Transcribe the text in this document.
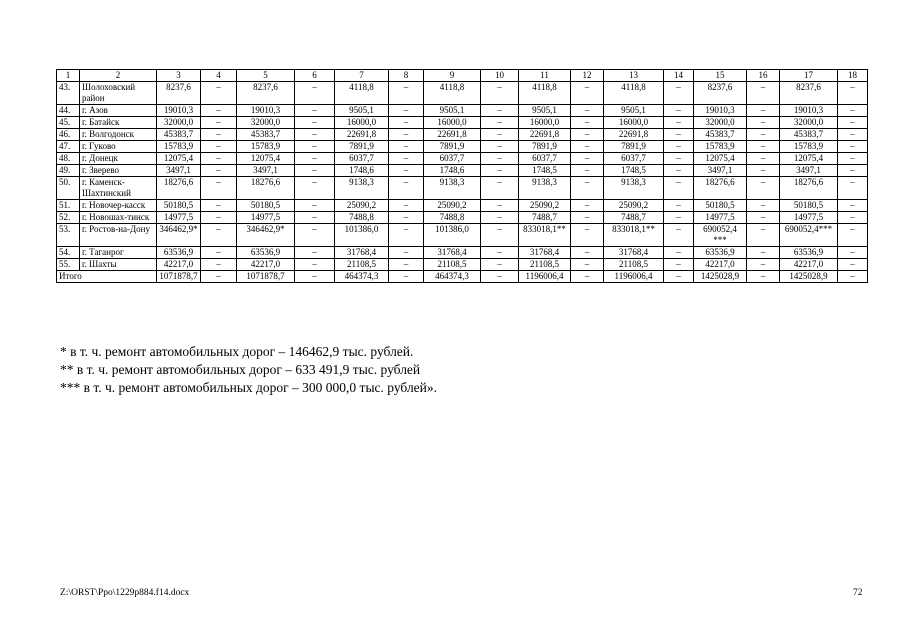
1	2	3	4	5	6	7	8	9	10	11	12	13	14	15	16	17	18
43.	Шолоховский район	8237,6	–	8237,6	–	4118,8	–	4118,8	–	4118,8	–	4118,8	–	8237,6	–	8237,6	–
44.	г. Азов	19010,3	–	19010,3	–	9505,1	–	9505,1	–	9505,1	–	9505,1	–	19010,3	–	19010,3	–
45.	г. Батайск	32000,0	–	32000,0	–	16000,0	–	16000,0	–	16000,0	–	16000,0	–	32000,0	–	32000,0	–
46.	г. Волгодонск	45383,7	–	45383,7	–	22691,8	–	22691,8	–	22691,8	–	22691,8	–	45383,7	–	45383,7	–
47.	г. Гуково	15783,9	–	15783,9	–	7891,9	–	7891,9	–	7891,9	–	7891,9	–	15783,9	–	15783,9	–
48.	г. Донецк	12075,4	–	12075,4	–	6037,7	–	6037,7	–	6037,7	–	6037,7	–	12075,4	–	12075,4	–
49.	г. Зверево	3497,1	–	3497,1	–	1748,6	–	1748,6	–	1748,5	–	1748,5	–	3497,1	–	3497,1	–
50.	г. Каменск-Шахтинский	18276,6	–	18276,6	–	9138,3	–	9138,3	–	9138,3	–	9138,3	–	18276,6	–	18276,6	–
51.	г. Новочер-касск	50180,5	–	50180,5	–	25090,2	–	25090,2	–	25090,2	–	25090,2	–	50180,5	–	50180,5	–
52.	г. Новошах-тинск	14977,5	–	14977,5	–	7488,8	–	7488,8	–	7488,7	–	7488,7	–	14977,5	–	14977,5	–
53.	г. Ростов-на-Дону	346462,9*	–	346462,9*	–	101386,0	–	101386,0	–	833018,1**	–	833018,1**	–	690052,4 ***	–	690052,4***	–
54.	г. Таганрог	63536,9	–	63536,9	–	31768,4	–	31768,4	–	31768,4	–	31768,4	–	63536,9	–	63536,9	–
55.	г. Шахты	42217,0	–	42217,0	–	21108,5	–	21108,5	–	21108,5	–	21108,5	–	42217,0	–	42217,0	–
Итого		1071878,7	–	1071878,7	–	464374,3	–	464374,3	–	1196006,4	–	1196006,4	–	1425028,9	–	1425028,9	–
* в т. ч. ремонт автомобильных дорог – 146462,9 тыс. рублей.
** в т. ч. ремонт автомобильных дорог – 633 491,9 тыс. рублей
*** в т. ч. ремонт автомобильных дорог – 300 000,0 тыс. рублей».
Z:\ORST\Ppo\1229p884.f14.docx	72
